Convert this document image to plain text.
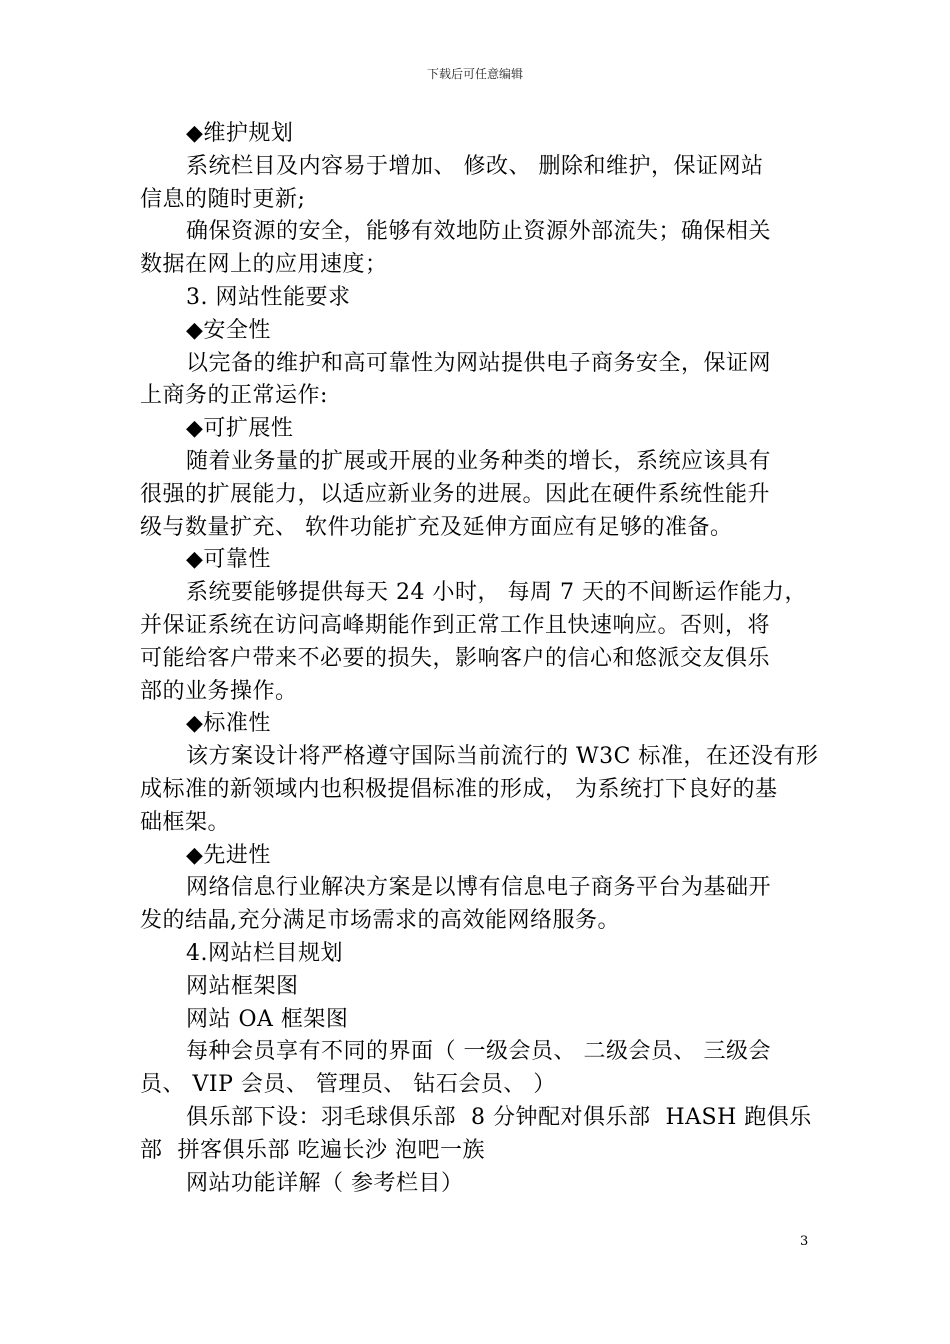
下载后可任意编辑
◆维护规划
系统栏目及内容易于增加、 修改、 删除和维护，保证网站
信息的随时更新;
确保资源的安全，能够有效地防止资源外部流失；确保相关
数据在网上的应用速度；
3. 网站性能要求
◆安全性
以完备的维护和高可靠性为网站提供电子商务安全，保证网
上商务的正常运作:
◆可扩展性
随着业务量的扩展或开展的业务种类的增长，系统应该具有
很强的扩展能力，以适应新业务的进展。因此在硬件系统性能升
级与数量扩充、 软件功能扩充及延伸方面应有足够的准备。
◆可靠性
系统要能够提供每天 24 小时， 每周 7 天的不间断运作能力，
并保证系统在访问高峰期能作到正常工作且快速响应。否则，将
可能给客户带来不必要的损失，影响客户的信心和悠派交友俱乐
部的业务操作。
◆标准性
该方案设计将严格遵守国际当前流行的 W3C 标准，在还没有形
成标准的新领域内也积极提倡标准的形成， 为系统打下良好的基
础框架。
◆先进性
网络信息行业解决方案是以博有信息电子商务平台为基础开
发的结晶,充分满足市场需求的高效能网络服务。
4.网站栏目规划
网站框架图
网站 OA 框架图
每种会员享有不同的界面（ 一级会员、 二级会员、 三级会
员、 VIP 会员、 管理员、 钻石会员、 ）
俱乐部下设：羽毛球俱乐部  8 分钟配对俱乐部  HASH 跑俱乐
部  拼客俱乐部 吃遍长沙 泡吧一族
网站功能详解（ 参考栏目）
3
